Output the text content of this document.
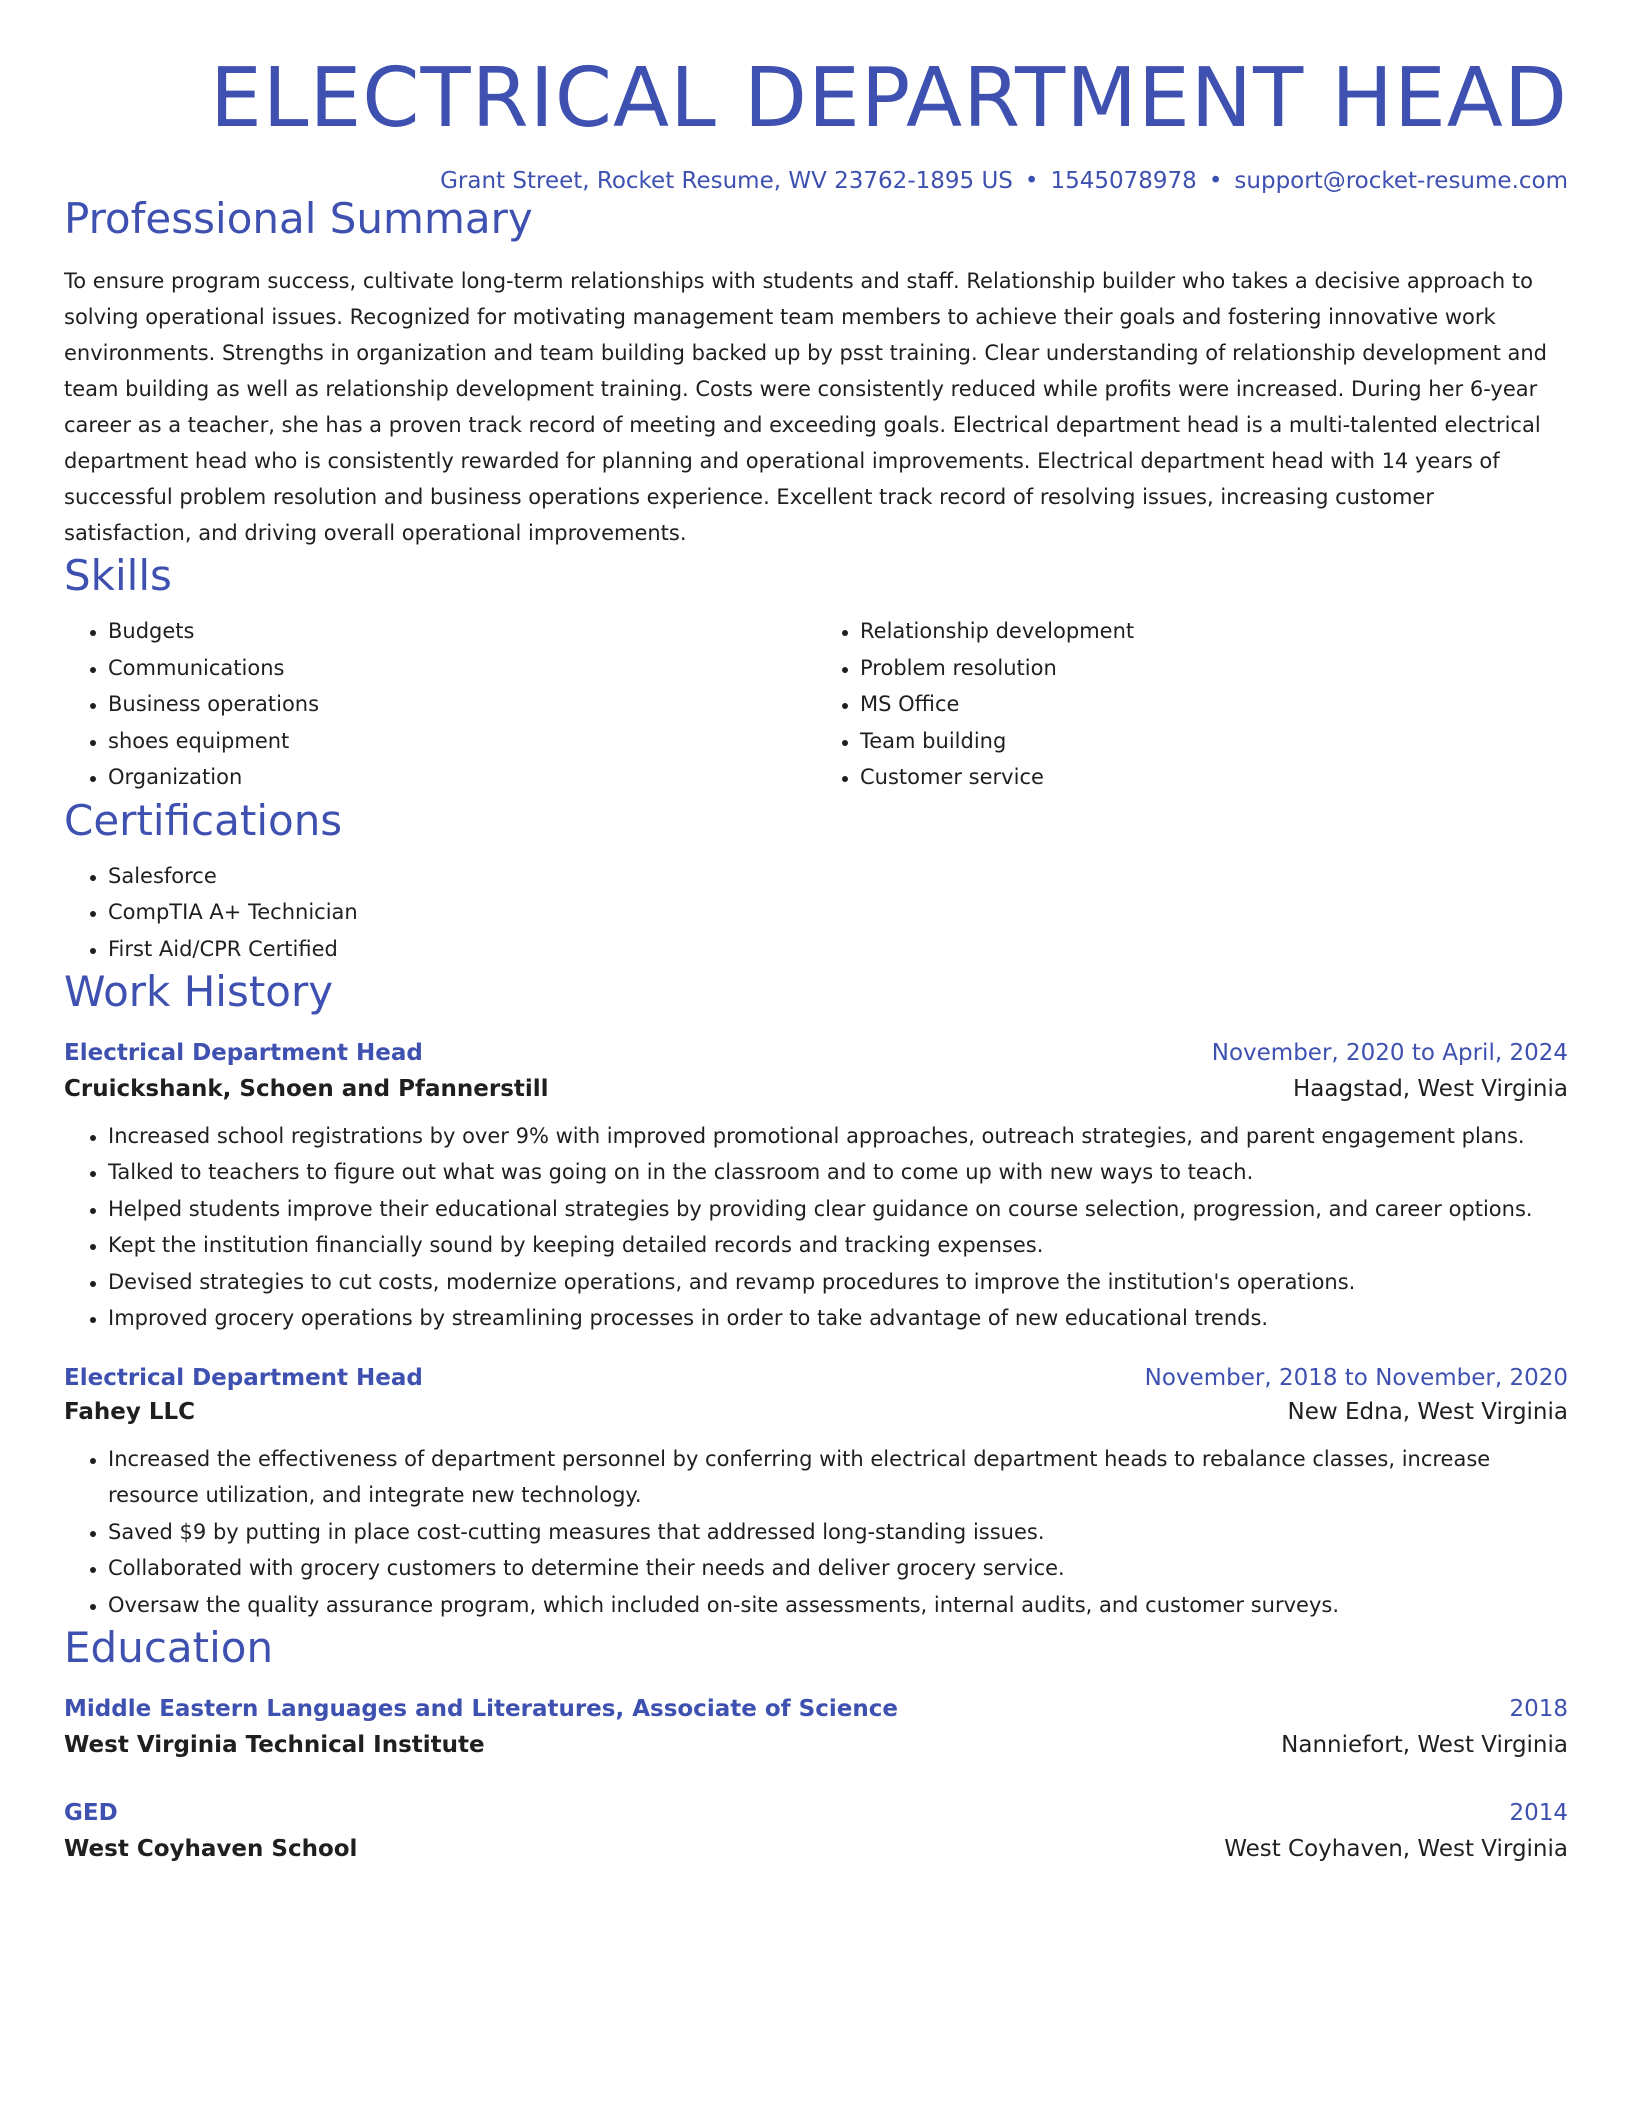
ELECTRICAL DEPARTMENT HEAD
Grant Street, Rocket Resume, WV 23762-1895 US • 1545078978 • support@rocket-resume.com
Professional Summary

To ensure program success, cultivate long-term relationships with students and staff. Relationship builder who takes a decisive approach to solving operational issues. Recognized for motivating management team members to achieve their goals and fostering innovative work environments. Strengths in organization and team building backed up by psst training. Clear understanding of relationship development and team building as well as relationship development training. Costs were consistently reduced while profits were increased. During her 6-year career as a teacher, she has a proven track record of meeting and exceeding goals. Electrical department head is a multi-talented electrical department head who is consistently rewarded for planning and operational improvements. Electrical department head with 14 years of successful problem resolution and business operations experience. Excellent track record of resolving issues, increasing customer satisfaction, and driving overall operational improvements.

Skills
• Budgets
• Communications
• Business operations
• shoes equipment
• Organization
• Relationship development
• Problem resolution
• MS Office
• Team building
• Customer service
Certifications
• Salesforce
• CompTIA A+ Technician
• First Aid/CPR Certified
Work History
Electrical Department Head	November, 2020 to April, 2024
Cruickshank, Schoen and Pfannerstill	Haagstad, West Virginia
• Increased school registrations by over 9% with improved promotional approaches, outreach strategies, and parent engagement plans.
• Talked to teachers to figure out what was going on in the classroom and to come up with new ways to teach.
• Helped students improve their educational strategies by providing clear guidance on course selection, progression, and career options.
• Kept the institution financially sound by keeping detailed records and tracking expenses.
• Devised strategies to cut costs, modernize operations, and revamp procedures to improve the institution's operations.
• Improved grocery operations by streamlining processes in order to take advantage of new educational trends.
Electrical Department Head	November, 2018 to November, 2020
Fahey LLC	New Edna, West Virginia
• Increased the effectiveness of department personnel by conferring with electrical department heads to rebalance classes, increase resource utilization, and integrate new technology.
• Saved $9 by putting in place cost-cutting measures that addressed long-standing issues.
• Collaborated with grocery customers to determine their needs and deliver grocery service.
• Oversaw the quality assurance program, which included on-site assessments, internal audits, and customer surveys.
Education
Middle Eastern Languages and Literatures, Associate of Science	2018
West Virginia Technical Institute	Nanniefort, West Virginia
GED	2014
West Coyhaven School	West Coyhaven, West Virginia
